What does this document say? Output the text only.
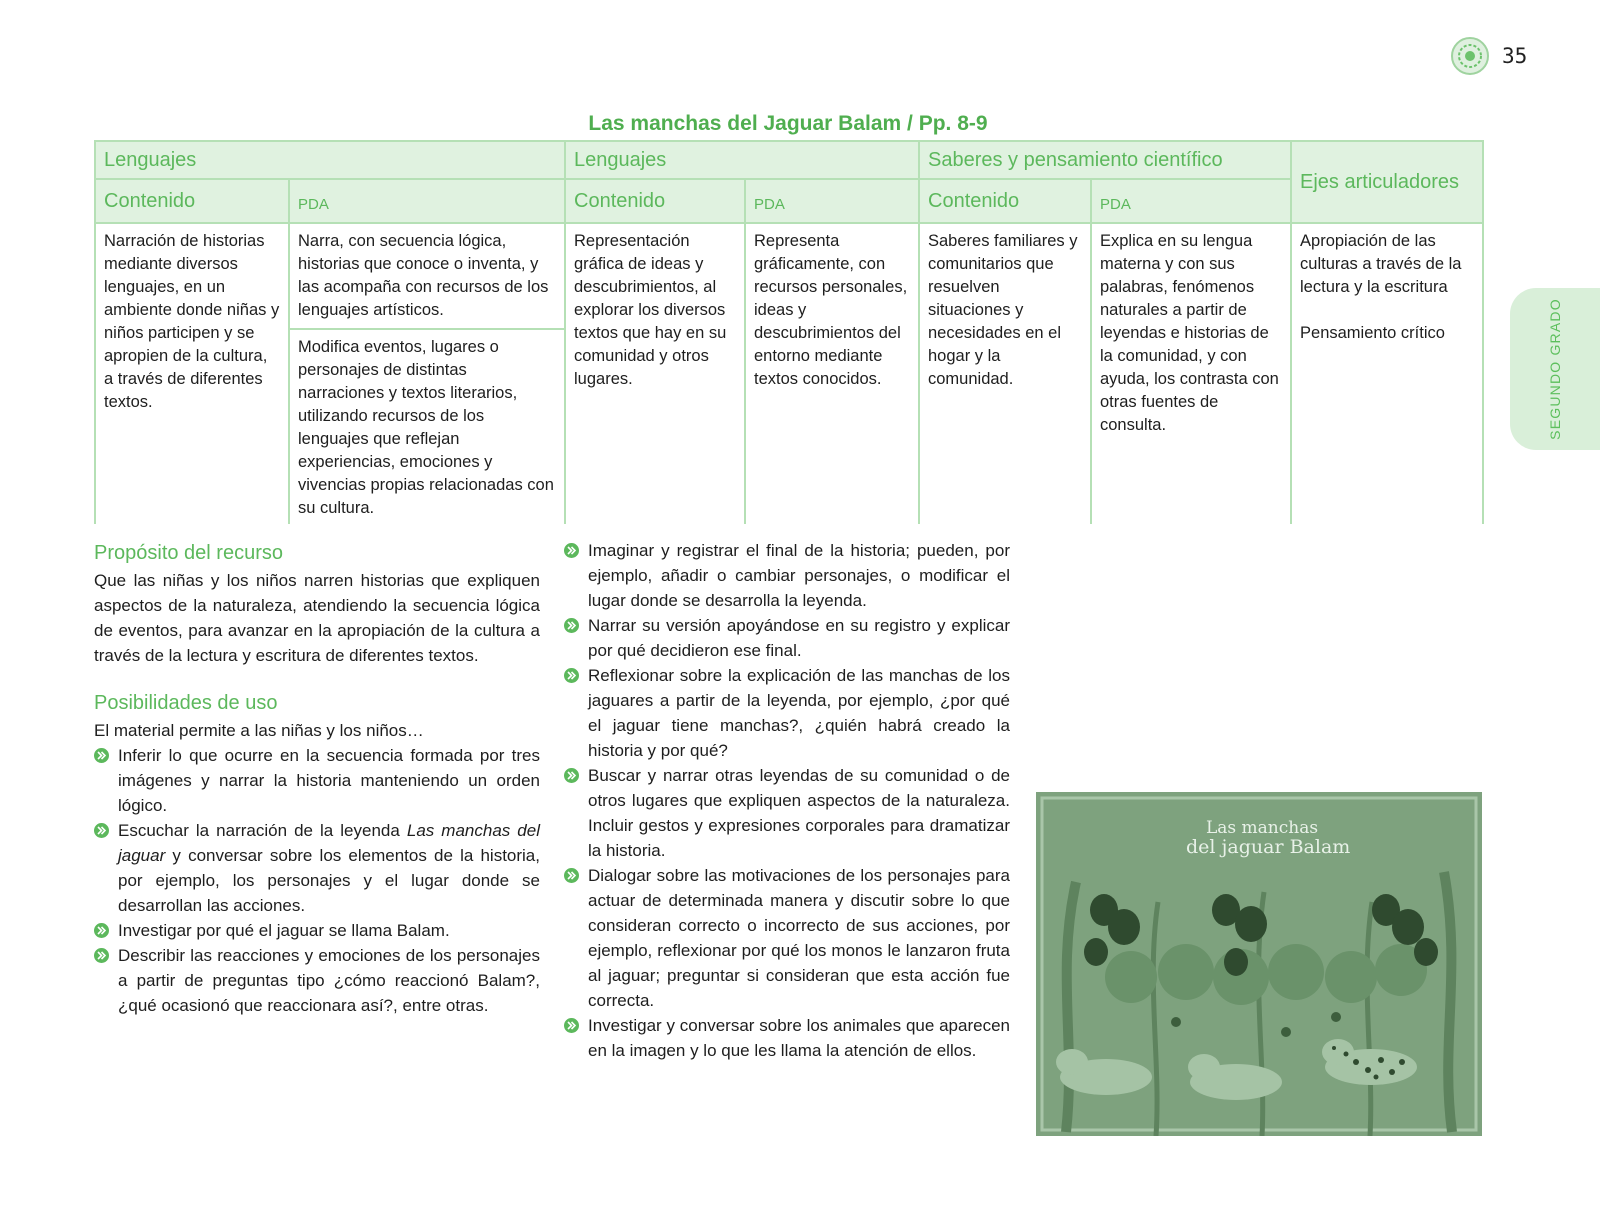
35
SEGUNDO GRADO
Las manchas del Jaguar Balam / Pp. 8-9
Lenguajes		Lenguajes		Saberes y pensamiento científico		Ejes articuladores
Contenido	PDA	Contenido	PDA	Contenido	PDA	
Narración de historias mediante diversos lenguajes, en un ambiente donde niñas y niños participen y se apropien de la cultura, a través de diferentes textos.	Narra, con secuencia lógica, historias que conoce o inventa, y las acompaña con recursos de los lenguajes artísticos.	Representación gráfica de ideas y descubrimientos, al explorar los diversos textos que hay en su comunidad y otros lugares.	Representa gráficamente, con recursos personales, ideas y descubrimientos del entorno mediante textos conocidos.	Saberes familiares y comunitarios que resuelven situaciones y necesidades en el hogar y la comunidad.	Explica en su lengua materna y con sus palabras, fenómenos naturales a partir de leyendas e historias de la comunidad, y con ayuda, los contrasta con otras fuentes de consulta.	Apropiación de las culturas a través de la lectura y la escritura
Pensamiento crítico

	Modifica eventos, lugares o personajes de distintas narraciones y textos literarios, utilizando recursos de los lenguajes que reflejan experiencias, emociones y vivencias propias relacionadas con su cultura.					
Propósito del recurso

Que las niñas y los niños narren historias que expliquen aspectos de la naturaleza, atendiendo la secuencia lógica de eventos, para avanzar en la apropiación de la cultura a través de la lectura y escritura de diferentes textos.

Posibilidades de uso

El material permite a las niñas y los niños…

Inferir lo que ocurre en la secuencia formada por tres imágenes y narrar la historia manteniendo un orden lógico.
Escuchar la narración de la leyenda Las manchas del jaguar y conversar sobre los elementos de la historia, por ejemplo, los personajes y el lugar donde se desarrollan las acciones.
Investigar por qué el jaguar se llama Balam.
Describir las reacciones y emociones de los personajes a partir de preguntas tipo ¿cómo reaccionó Balam?, ¿qué ocasionó que reaccionara así?, entre otras.
Imaginar y registrar el final de la historia; pueden, por ejemplo, añadir o cambiar personajes, o modificar el lugar donde se desarrolla la leyenda.
Narrar su versión apoyándose en su registro y explicar por qué decidieron ese final.
Reflexionar sobre la explicación de las manchas de los jaguares a partir de la leyenda, por ejemplo, ¿por qué el jaguar tiene manchas?, ¿quién habrá creado la historia y por qué?
Buscar y narrar otras leyendas de su comunidad o de otros lugares que expliquen aspectos de la naturaleza. Incluir gestos y expresiones corporales para dramatizar la historia.
Dialogar sobre las motivaciones de los personajes para actuar de determinada manera y discutir sobre lo que consideran correcto o incorrecto de sus acciones, por ejemplo, reflexionar por qué los monos le lanzaron fruta al jaguar; preguntar si consideran que esta acción fue correcta.
Investigar y conversar sobre los animales que aparecen en la imagen y lo que les llama la atención de ellos.
Las manchas
del jaguar Balam
